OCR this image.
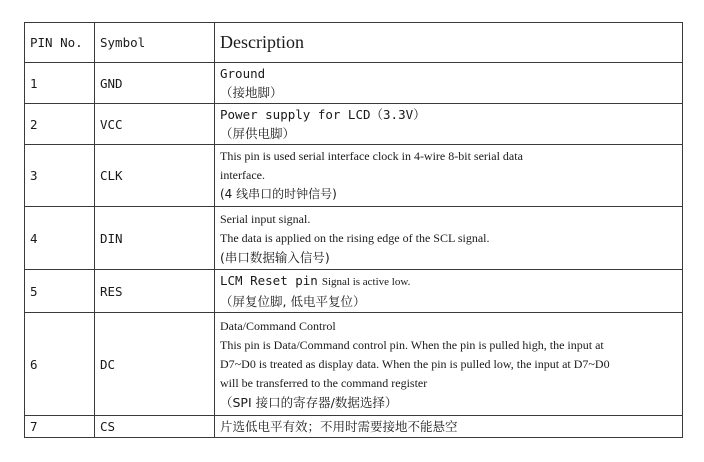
PIN No.	Symbol	Description
1	GND	Ground
（接地脚）

2	VCC	Power supply for LCD（3.3V）
（屏供电脚）

3	CLK	This pin is used serial interface clock in 4-wire 8-bit serial data
interface.
(4 线串口的时钟信号)

4	DIN	Serial input signal.
The data is applied on the rising edge of the SCL signal.
(串口数据输入信号)

5	RES	LCM Reset pin Signal is active low.
（屏复位脚, 低电平复位）

6	DC	Data/Command Control
This pin is Data/Command control pin. When the pin is pulled high, the input at
D7~D0 is treated as display data. When the pin is pulled low, the input at D7~D0
will be transferred to the command register
（SPI 接口的寄存器/数据选择）

7	CS	片选低电平有效；不用时需要接地不能悬空
